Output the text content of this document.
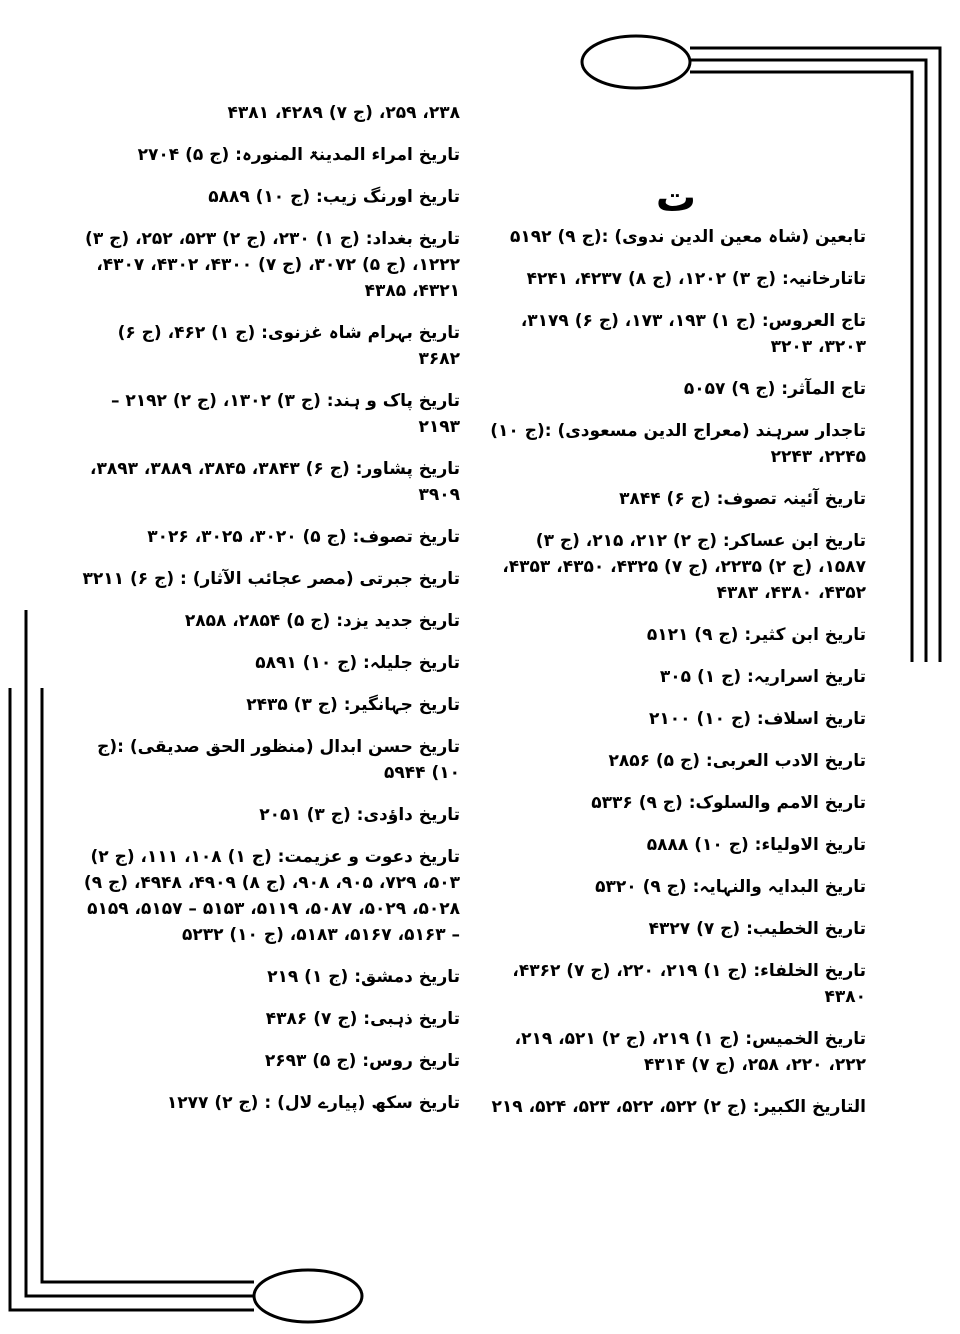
ت
تابعین (شاہ معین الدین ندوی) :(ج ۹) ۵۱۹۲
تاتارخانیہ: (ج ۳) ۱۲۰۲، (ج ۸) ۴۲۳۷، ۴۲۴۱
تاج العروس: (ج ۱) ۱۹۳، ۱۷۳، (ج ۶) ۳۱۷۹، ۳۲۰۳، ۳۲۰۳
تاج المآثر: (ج ۹) ۵۰۵۷
تاجدار سرہند (معراج الدین مسعودی) :(ج ۱۰) ۲۲۴۵، ۲۲۴۳
تاریخ آئینہ تصوف: (ج ۶) ۳۸۴۴
تاریخ ابن عساکر: (ج ۲) ۲۱۲، ۲۱۵، (ج ۳) ۱۵۸۷، (ج ۲) ۲۲۳۵، (ج ۷) ۴۳۲۵، ۴۳۵۰، ۴۳۵۳، ۴۳۵۲، ۴۳۸۰، ۴۳۸۳
تاریخ ابن کثیر: (ج ۹) ۵۱۲۱
تاریخ اسراریہ: (ج ۱) ۳۰۵
تاریخ اسلاف: (ج ۱۰) ۲۱۰۰
تاریخ الادب العربی: (ج ۵) ۲۸۵۶
تاریخ الامم والسلوک: (ج ۹) ۵۳۳۶
تاریخ الاولیاء: (ج ۱۰) ۵۸۸۸
تاریخ البدایہ والنہایہ: (ج ۹) ۵۳۲۰
تاریخ الخطیب: (ج ۷) ۴۳۲۷
تاریخ الخلفاء: (ج ۱) ۲۱۹، ۲۲۰، (ج ۷) ۴۳۶۲، ۴۳۸۰
تاریخ الخمیس: (ج ۱) ۲۱۹، (ج ۲) ۵۲۱، ۲۱۹، ۲۲۲، ۲۲۰، ۲۵۸، (ج ۷) ۴۳۱۴
التاریخ الکبیر: (ج ۲) ۵۲۲، ۵۲۲، ۵۲۳، ۵۲۴، ۲۱۹
۲۳۸، ۲۵۹، (ج ۷) ۴۲۸۹، ۴۳۸۱
تاریخ امراء المدینۃ المنورہ: (ج ۵) ۲۷۰۴
تاریخ اورنگ زیب: (ج ۱۰) ۵۸۸۹
تاریخ بغداد: (ج ۱) ۲۳۰، (ج ۲) ۵۲۳، ۲۵۲، (ج ۳) ۱۲۲۲، (ج ۵) ۳۰۷۲، (ج ۷) ۴۳۰۰، ۴۳۰۲، ۴۳۰۷، ۴۳۲۱، ۴۳۸۵
تاریخ بہرام شاہ غزنوی: (ج ۱) ۴۶۲، (ج ۶) ۳۶۸۲
تاریخ پاک و ہند: (ج ۳) ۱۳۰۲، (ج ۲) ۲۱۹۲ – ۲۱۹۳
تاریخ پشاور: (ج ۶) ۳۸۴۳، ۳۸۴۵، ۳۸۸۹، ۳۸۹۳، ۳۹۰۹
تاریخ تصوف: (ج ۵) ۳۰۲۰، ۳۰۲۵، ۳۰۲۶
تاریخ جبرتی (مصر عجائب الآثار) : (ج ۶) ۳۲۱۱
تاریخ جدید یزد: (ج ۵) ۲۸۵۴، ۲۸۵۸
تاریخ جلیلہ: (ج ۱۰) ۵۸۹۱
تاریخ جہانگیر: (ج ۳) ۲۴۳۵
تاریخ حسن ابدال (منظور الحق صدیقی) :(ج ۱۰) ۵۹۴۴
تاریخ داؤدی: (ج ۳) ۲۰۵۱
تاریخ دعوت و عزیمت: (ج ۱) ۱۰۸، ۱۱۱، (ج ۲) ۵۰۳، ۷۲۹، ۹۰۵، ۹۰۸، (ج ۸) ۴۹۰۹، ۴۹۴۸، (ج ۹) ۵۰۲۸، ۵۰۲۹، ۵۰۸۷، ۵۱۱۹، ۵۱۵۳ – ۵۱۵۷، ۵۱۵۹ – ۵۱۶۳، ۵۱۶۷، ۵۱۸۳، (ج ۱۰) ۵۲۳۲
تاریخ دمشق: (ج ۱) ۲۱۹
تاریخ ذہبی: (ج ۷) ۴۳۸۶
تاریخ روس: (ج ۵) ۲۶۹۳
تاریخ سکھ (پیارے لال) : (ج ۲) ۱۲۷۷
